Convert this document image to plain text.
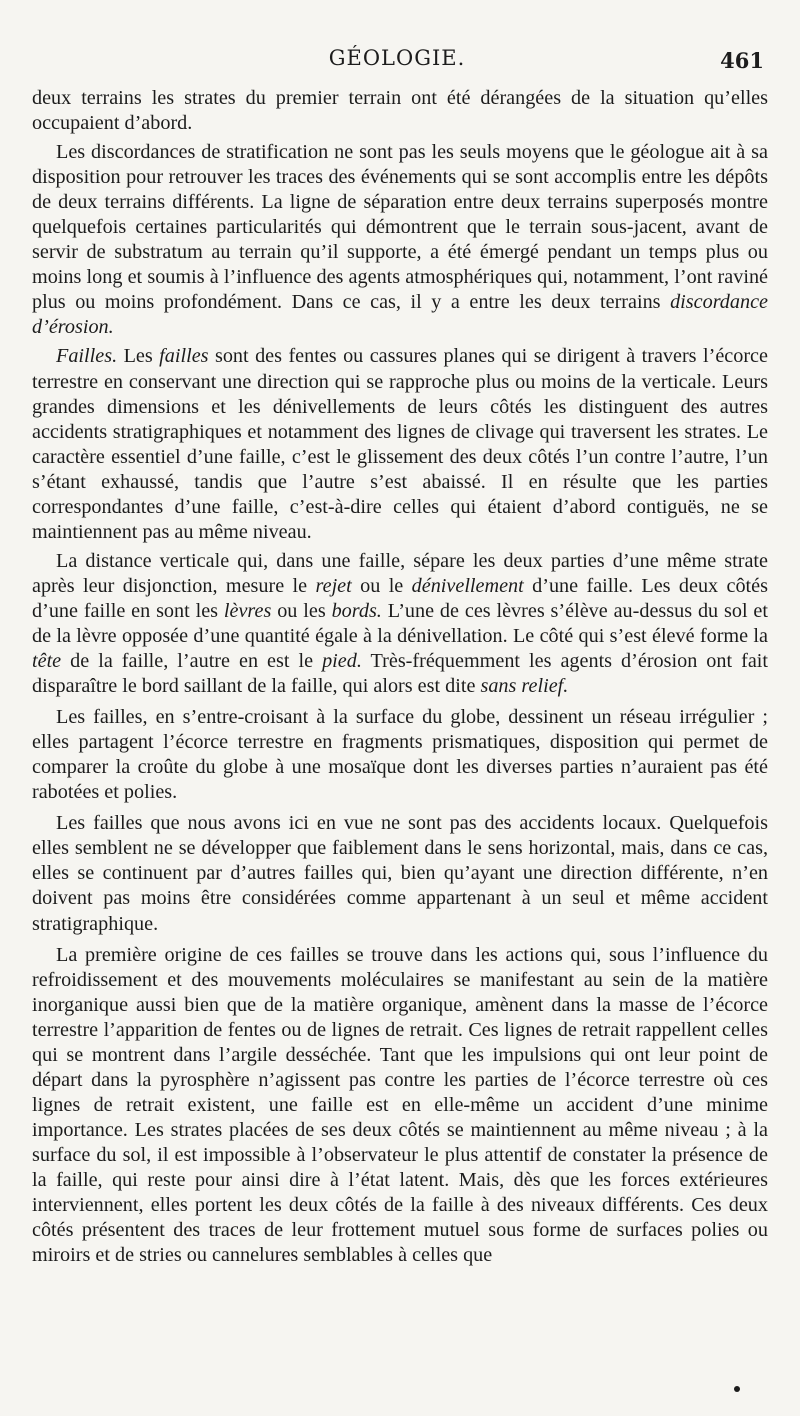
GÉOLOGIE.	461

deux terrains les strates du premier terrain ont été dérangées de la situation qu’elles occupaient d’abord.

Les discordances de stratification ne sont pas les seuls moyens que le géologue ait à sa disposition pour retrouver les traces des événements qui se sont accomplis entre les dépôts de deux terrains différents. La ligne de séparation entre deux terrains superposés montre quelquefois certaines particularités qui démontrent que le terrain sous-jacent, avant de servir de substratum au terrain qu’il supporte, a été émergé pendant un temps plus ou moins long et soumis à l’influence des agents atmosphériques qui, notamment, l’ont raviné plus ou moins profondément. Dans ce cas, il y a entre les deux terrains discordance d’érosion.

Failles. Les failles sont des fentes ou cassures planes qui se dirigent à travers l’écorce terrestre en conservant une direction qui se rapproche plus ou moins de la verticale. Leurs grandes dimensions et les dénivellements de leurs côtés les distinguent des autres accidents stratigraphiques et notamment des lignes de clivage qui traversent les strates. Le caractère essentiel d’une faille, c’est le glissement des deux côtés l’un contre l’autre, l’un s’étant exhaussé, tandis que l’autre s’est abaissé. Il en résulte que les parties correspondantes d’une faille, c’est-à-dire celles qui étaient d’abord contiguës, ne se maintiennent pas au même niveau.

La distance verticale qui, dans une faille, sépare les deux parties d’une même strate après leur disjonction, mesure le rejet ou le dénivellement d’une faille. Les deux côtés d’une faille en sont les lèvres ou les bords. L’une de ces lèvres s’élève au-dessus du sol et de la lèvre opposée d’une quantité égale à la dénivellation. Le côté qui s’est élevé forme la tête de la faille, l’autre en est le pied. Très-fréquemment les agents d’érosion ont fait disparaître le bord saillant de la faille, qui alors est dite sans relief.

Les failles, en s’entre-croisant à la surface du globe, dessinent un réseau irrégulier ; elles partagent l’écorce terrestre en fragments prismatiques, disposition qui permet de comparer la croûte du globe à une mosaïque dont les diverses parties n’auraient pas été rabotées et polies.

Les failles que nous avons ici en vue ne sont pas des accidents locaux. Quelquefois elles semblent ne se développer que faiblement dans le sens horizontal, mais, dans ce cas, elles se continuent par d’autres failles qui, bien qu’ayant une direction différente, n’en doivent pas moins être considérées comme appartenant à un seul et même accident stratigraphique.

La première origine de ces failles se trouve dans les actions qui, sous l’influence du refroidissement et des mouvements moléculaires se manifestant au sein de la matière inorganique aussi bien que de la matière organique, amènent dans la masse de l’écorce terrestre l’apparition de fentes ou de lignes de retrait. Ces lignes de retrait rappellent celles qui se montrent dans l’argile desséchée. Tant que les impulsions qui ont leur point de départ dans la pyrosphère n’agissent pas contre les parties de l’écorce terrestre où ces lignes de retrait existent, une faille est en elle-même un accident d’une minime importance. Les strates placées de ses deux côtés se maintiennent au même niveau ; à la surface du sol, il est impossible à l’observateur le plus attentif de constater la présence de la faille, qui reste pour ainsi dire à l’état latent. Mais, dès que les forces extérieures interviennent, elles portent les deux côtés de la faille à des niveaux différents. Ces deux côtés présentent des traces de leur frottement mutuel sous forme de surfaces polies ou miroirs et de stries ou cannelures semblables à celles que
